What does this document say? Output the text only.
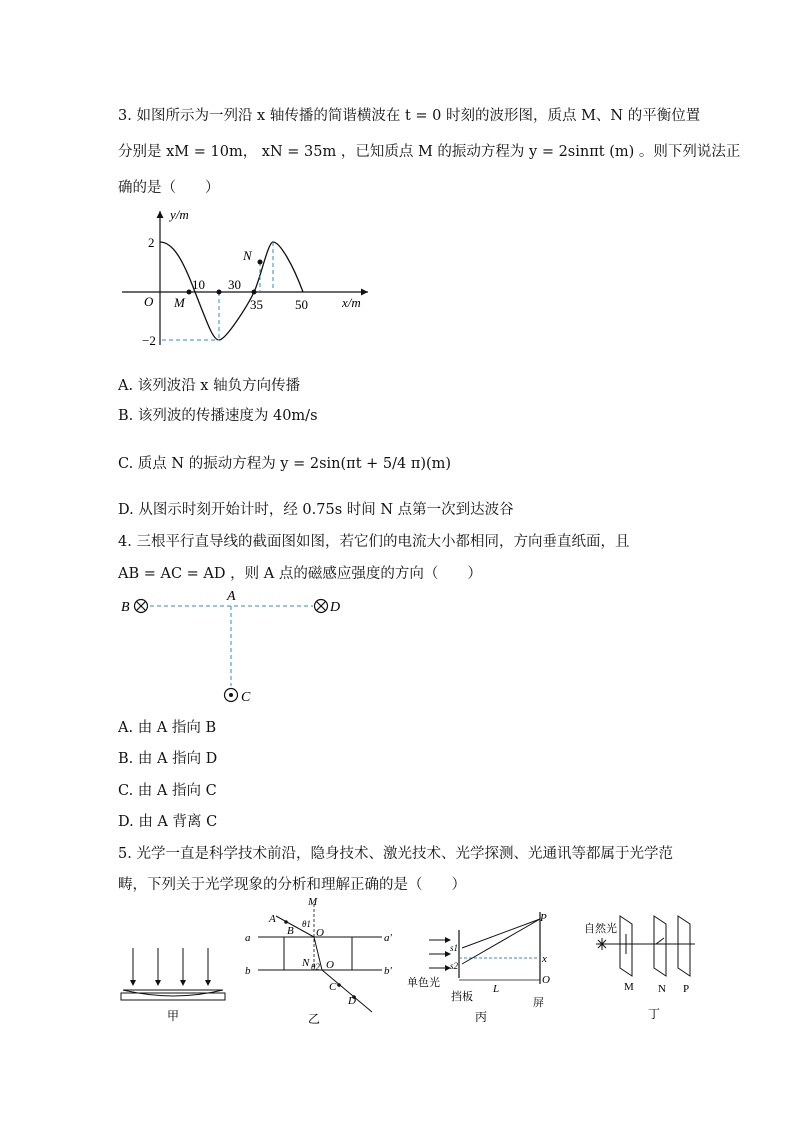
3. 如图所示为一列沿 x 轴传播的简谐横波在 t = 0 时刻的波形图，质点 M、N 的平衡位置
分别是 xM = 10m， xN = 35m ，已知质点 M 的振动方程为 y = 2sinπt (m) 。则下列说法正
确的是（　　）
y/m
x/m
O
2
−2
10 30
35 50
M
N
A. 该列波沿 x 轴负方向传播
B. 该列波的传播速度为 40m/s
C. 质点 N 的振动方程为 y = 2sin(πt + 5/4 π)(m)
D. 从图示时刻开始计时，经 0.75s 时间 N 点第一次到达波谷
4. 三根平行直导线的截面图如图，若它们的电流大小都相同，方向垂直纸面，且
AB = AC = AD ，则 A 点的磁感应强度的方向（　　）
B
A
D
C
A. 由 A 指向 B
B. 由 A 指向 D
C. 由 A 指向 C
D. 由 A 背离 C
5. 光学一直是科学技术前沿，隐身技术、激光技术、光学探测、光通讯等都属于光学范
畴，下列关于光学现象的分析和理解正确的是（　　）
甲
a	a′
b	b′
A
B
M
θ1
O
N θ2 O
C
D
乙
s1
s2
P
x
O
L
单色光
挡板	屏
丙
自然光
M N P
丁
